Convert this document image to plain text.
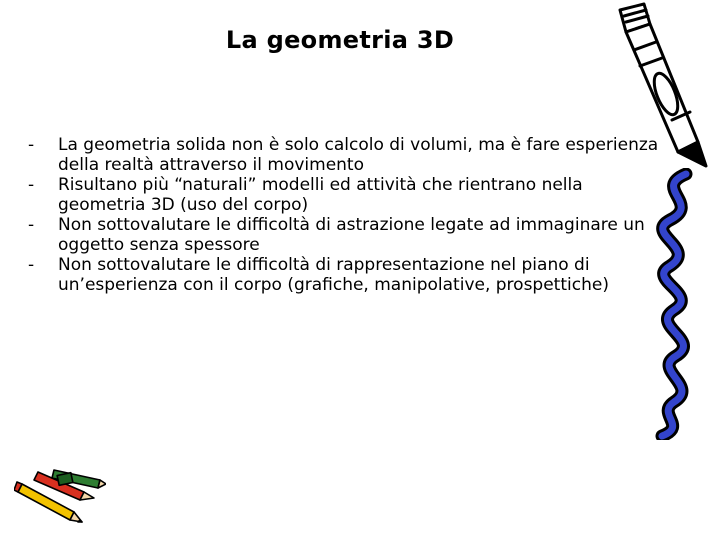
La geometria 3D
-	La geometria solida non è solo calcolo di volumi, ma è fare esperienza della realtà attraverso il movimento
-	Risultano più “naturali” modelli ed attività che rientrano nella geometria 3D (uso del corpo)
-	Non sottovalutare le difficoltà di astrazione legate ad immaginare un oggetto senza spessore
-	Non sottovalutare le difficoltà di rappresentazione nel piano di un’esperienza con il corpo (grafiche, manipolative, prospettiche)
